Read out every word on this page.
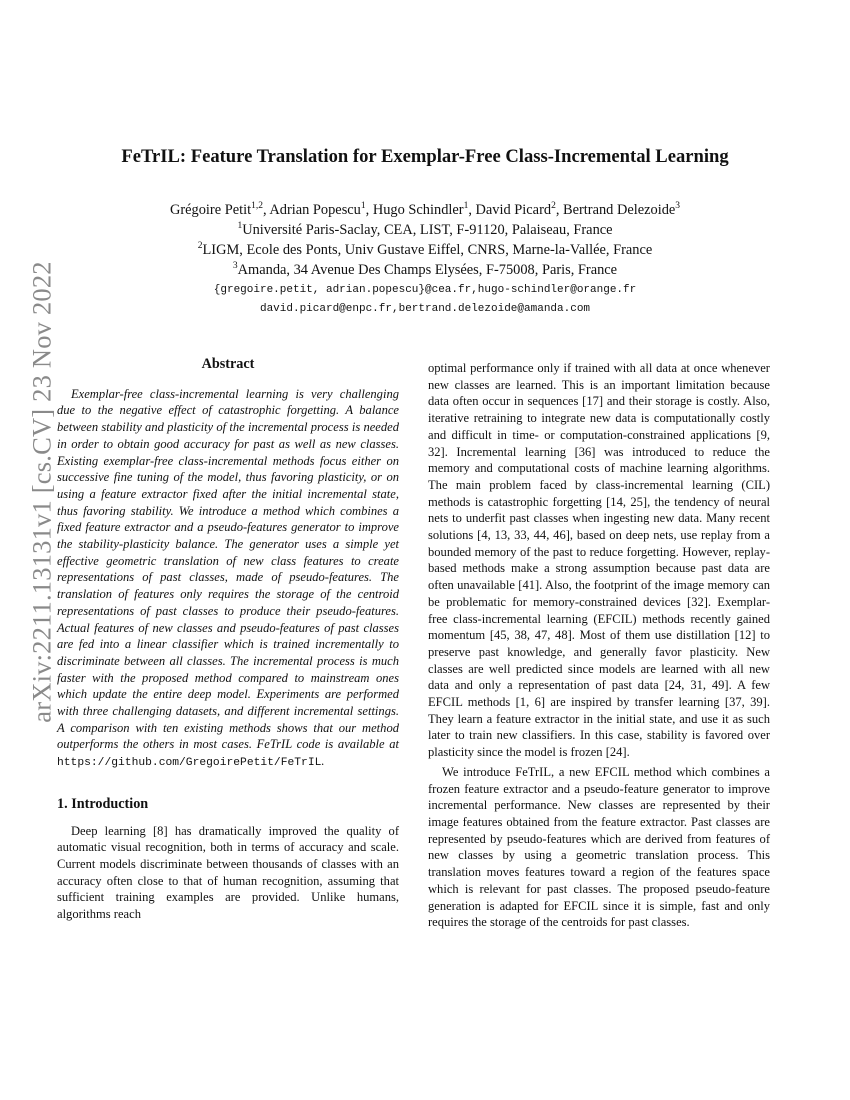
arXiv:2211.13131v1 [cs.CV] 23 Nov 2022
FeTrIL: Feature Translation for Exemplar-Free Class-Incremental Learning
Grégoire Petit$^{1,2}$, Adrian Popescu$^1$, Hugo Schindler$^1$, David Picard$^2$, Bertrand Delezoide$^3$
$^1$Université Paris-Saclay, CEA, LIST, F-91120, Palaiseau, France
$^2$LIGM, Ecole des Ponts, Univ Gustave Eiffel, CNRS, Marne-la-Vallée, France
$^3$Amanda, 34 Avenue Des Champs Elysées, F-75008, Paris, France
{gregoire.petit, adrian.popescu}@cea.fr,hugo-schindler@orange.fr
david.picard@enpc.fr,bertrand.delezoide@amanda.com
Abstract

Exemplar-free class-incremental learning is very challenging due to the negative effect of catastrophic forgetting. A balance between stability and plasticity of the incremental process is needed in order to obtain good accuracy for past as well as new classes. Existing exemplar-free class-incremental methods focus either on successive fine tuning of the model, thus favoring plasticity, or on using a feature extractor fixed after the initial incremental state, thus favoring stability. We introduce a method which combines a fixed feature extractor and a pseudo-features generator to improve the stability-plasticity balance. The generator uses a simple yet effective geometric translation of new class features to create representations of past classes, made of pseudo-features. The translation of features only requires the storage of the centroid representations of past classes to produce their pseudo-features. Actual features of new classes and pseudo-features of past classes are fed into a linear classifier which is trained incrementally to discriminate between all classes. The incremental process is much faster with the proposed method compared to mainstream ones which update the entire deep model. Experiments are performed with three challenging datasets, and different incremental settings. A comparison with ten existing methods shows that our method outperforms the others in most cases. FeTrIL code is available at https://github.com/GregoirePetit/FeTrIL.

1. Introduction

Deep learning [8] has dramatically improved the quality of automatic visual recognition, both in terms of accuracy and scale. Current models discriminate between thousands of classes with an accuracy often close to that of human recognition, assuming that sufficient training examples are provided. Unlike humans, algorithms reach

optimal performance only if trained with all data at once whenever new classes are learned. This is an important limitation because data often occur in sequences [17] and their storage is costly. Also, iterative retraining to integrate new data is computationally costly and difficult in time- or computation-constrained applications [9, 32]. Incremental learning [36] was introduced to reduce the memory and computational costs of machine learning algorithms. The main problem faced by class-incremental learning (CIL) methods is catastrophic forgetting [14, 25], the tendency of neural nets to underfit past classes when ingesting new data. Many recent solutions [4, 13, 33, 44, 46], based on deep nets, use replay from a bounded memory of the past to reduce forgetting. However, replay-based methods make a strong assumption because past data are often unavailable [41]. Also, the footprint of the image memory can be problematic for memory-constrained devices [32]. Exemplar-free class-incremental learning (EFCIL) methods recently gained momentum [45, 38, 47, 48]. Most of them use distillation [12] to preserve past knowledge, and generally favor plasticity. New classes are well predicted since models are learned with all new data and only a representation of past data [24, 31, 49]. A few EFCIL methods [1, 6] are inspired by transfer learning [37, 39]. They learn a feature extractor in the initial state, and use it as such later to train new classifiers. In this case, stability is favored over plasticity since the model is frozen [24].

We introduce FeTrIL, a new EFCIL method which combines a frozen feature extractor and a pseudo-feature generator to improve incremental performance. New classes are represented by their image features obtained from the feature extractor. Past classes are represented by pseudo-features which are derived from features of new classes by using a geometric translation process. This translation moves features toward a region of the features space which is relevant for past classes. The proposed pseudo-feature generation is adapted for EFCIL since it is simple, fast and only requires the storage of the centroids for past classes.
